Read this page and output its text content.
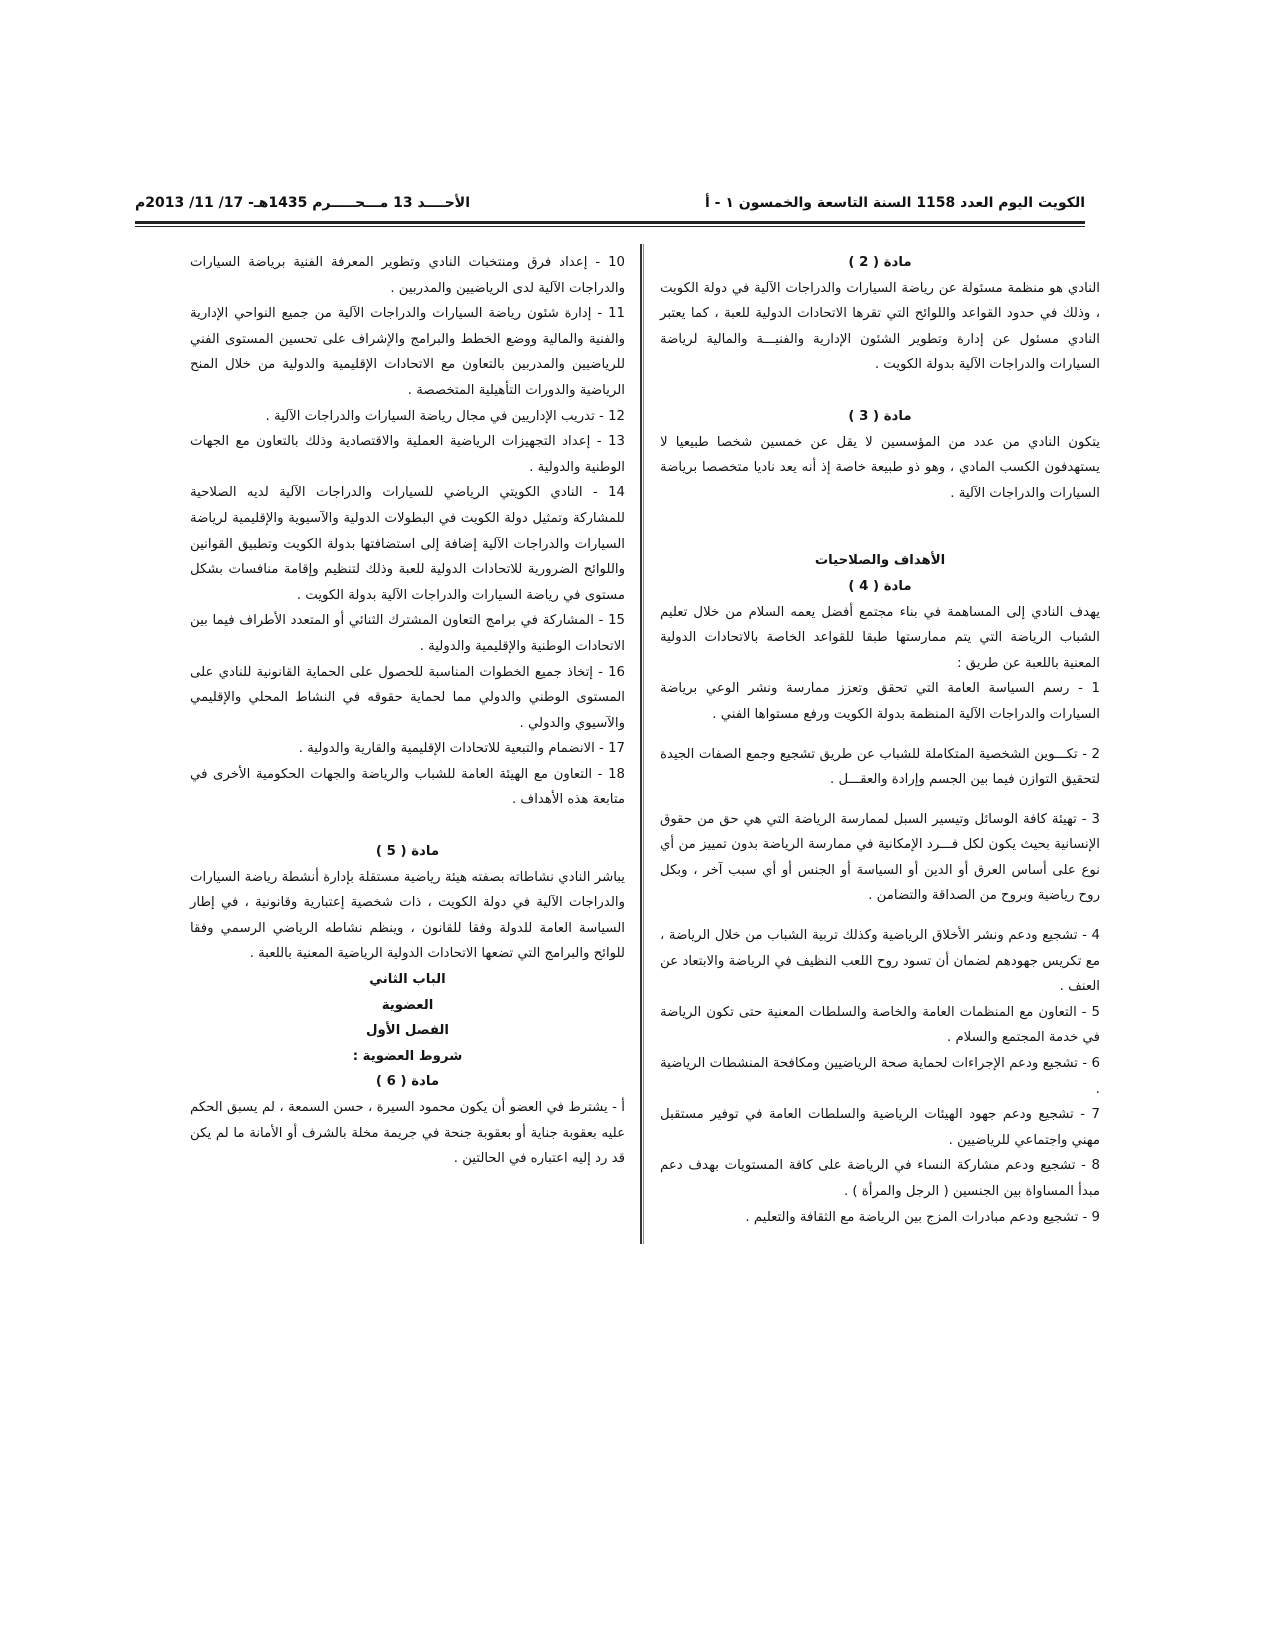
الكويت اليوم العدد 1158 السنة التاسعة والخمسون ١ - أ
الأحــــد 13 مـــحـــــرم 1435هـ- 17/ 11/ 2013م

مادة ( 2 )

النادي هو منظمة مسئولة عن رياضة السيارات والدراجات الآلية في دولة الكويت ، وذلك في حدود القواعد واللوائح التي تقرها الاتحادات الدولية للعبة ، كما يعتبر النادي مسئول عن إدارة وتطوير الشئون الإدارية والفنيـــة والمالية لرياضة السيارات والدراجات الآلية بدولة الكويت .

مادة ( 3 )

يتكون النادي من عدد من المؤسسين لا يقل عن خمسين شخصا طبيعيا لا يستهدفون الكسب المادي ، وهو ذو طبيعة خاصة إذ أنه يعد ناديا متخصصا برياضة السيارات والدراجات الآلية .

الأهداف والصلاحيات

مادة ( 4 )

يهدف النادي إلى المساهمة في بناء مجتمع أفضل يعمه السلام من خلال تعليم الشباب الرياضة التي يتم ممارستها طبقا للقواعد الخاصة بالاتحادات الدولية المعنية باللعبة عن طريق :

1 - رسم السياسة العامة التي تحقق وتعزز ممارسة ونشر الوعي برياضة السيارات والدراجات الآلية المنظمة بدولة الكويت ورفع مستواها الفني .

2 - تكـــوين الشخصية المتكاملة للشباب عن طريق تشجيع وجمع الصفات الجيدة لتحقيق التوازن فيما بين الجسم وإرادة والعقـــل .

3 - تهيئة كافة الوسائل وتيسير السبل لممارسة الرياضة التي هي حق من حقوق الإنسانية بحيث يكون لكل فـــرد الإمكانية في ممارسة الرياضة بدون تمييز من أي نوع على أساس العرق أو الدين أو السياسة أو الجنس أو أي سبب آخر ، وبكل روح رياضية وبروح من الصداقة والتضامن .

4 - تشجيع ودعم ونشر الأخلاق الرياضية وكذلك تربية الشباب من خلال الرياضة ، مع تكريس جهودهم لضمان أن تسود روح اللعب النظيف في الرياضة والابتعاد عن العنف .

5 - التعاون مع المنظمات العامة والخاصة والسلطات المعنية حتى تكون الرياضة في خدمة المجتمع والسلام .

6 - تشجيع ودعم الإجراءات لحماية صحة الرياضيين ومكافحة المنشطات الرياضية .

7 - تشجيع ودعم جهود الهيئات الرياضية والسلطات العامة في توفير مستقبل مهني واجتماعي للرياضيين .

8 - تشجيع ودعم مشاركة النساء في الرياضة على كافة المستويات بهدف دعم مبدأ المساواة بين الجنسين ( الرجل والمرأة ) .

9 - تشجيع ودعم مبادرات المزج بين الرياضة مع الثقافة والتعليم .

10 - إعداد فرق ومنتخبات النادي وتطوير المعرفة الفنية برياضة السيارات والدراجات الآلية لدى الرياضيين والمدربين .

11 - إدارة شئون رياضة السيارات والدراجات الآلية من جميع النواحي الإدارية والفنية والمالية ووضع الخطط والبرامج والإشراف على تحسين المستوى الفني للرياضيين والمدربين بالتعاون مع الاتحادات الإقليمية والدولية من خلال المنح الرياضية والدورات التأهيلية المتخصصة .

12 - تدريب الإداريين في مجال رياضة السيارات والدراجات الآلية .

13 - إعداد التجهيزات الرياضية العملية والاقتصادية وذلك بالتعاون مع الجهات الوطنية والدولية .

14 - النادي الكويتي الرياضي للسيارات والدراجات الآلية لديه الصلاحية للمشاركة وتمثيل دولة الكويت في البطولات الدولية والآسيوية والإقليمية لرياضة السيارات والدراجات الآلية إضافة إلى استضافتها بدولة الكويت وتطبيق القوانين واللوائح الضرورية للاتحادات الدولية للعبة وذلك لتنظيم وإقامة منافسات بشكل مستوى في رياضة السيارات والدراجات الآلية بدولة الكويت .

15 - المشاركة في برامج التعاون المشترك الثنائي أو المتعدد الأطراف فيما بين الاتحادات الوطنية والإقليمية والدولية .

16 - إتخاذ جميع الخطوات المناسبة للحصول على الحماية القانونية للنادي على المستوى الوطني والدولي مما لحماية حقوقه في النشاط المحلي والإقليمي والآسيوي والدولي .

17 - الانضمام والتبعية للاتحادات الإقليمية والقارية والدولية .

18 - التعاون مع الهيئة العامة للشباب والرياضة والجهات الحكومية الأخرى في متابعة هذه الأهداف .

مادة ( 5 )

يباشر النادي نشاطاته بصفته هيئة رياضية مستقلة بإدارة أنشطة رياضة السيارات والدراجات الآلية في دولة الكويت ، ذات شخصية إعتبارية وقانونية ، في إطار السياسة العامة للدولة وفقا للقانون ، وينظم نشاطه الرياضي الرسمي وفقا للوائح والبرامج التي تضعها الاتحادات الدولية الرياضية المعنية باللعبة .

الباب الثاني

العضوية

الفصل الأول

شروط العضوية :

مادة ( 6 )

أ - يشترط في العضو أن يكون محمود السيرة ، حسن السمعة ، لم يسبق الحكم عليه بعقوبة جناية أو بعقوبة جنحة في جريمة مخلة بالشرف أو الأمانة ما لم يكن قد رد إليه اعتباره في الحالتين .
